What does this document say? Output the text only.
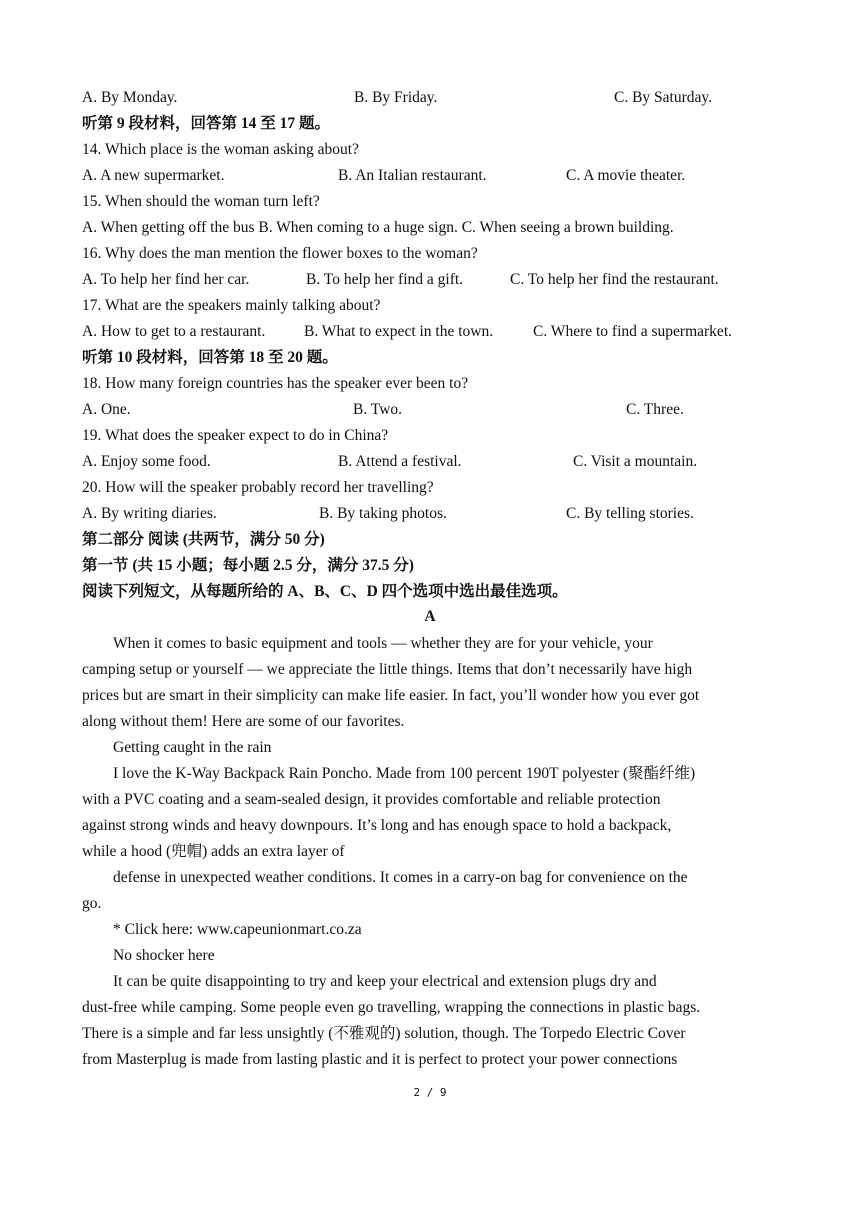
A. By Monday.	B. By Friday.	C. By Saturday.
听第 9 段材料，回答第 14 至 17 题。
14. Which place is the woman asking about?
A. A new supermarket.	B. An Italian restaurant.	C. A movie theater.
15. When should the woman turn left?
A. When getting off the bus B. When coming to a huge sign. C. When seeing a brown building.
16. Why does the man mention the flower boxes to the woman?
A. To help her find her car.	B. To help her find a gift.	C. To help her find the restaurant.
17. What are the speakers mainly talking about?
A. How to get to a restaurant. B. What to expect in the town.	C. Where to find a supermarket.
听第 10 段材料，回答第 18 至 20 题。
18. How many foreign countries has the speaker ever been to?
A. One.	B. Two.	C. Three.
19. What does the speaker expect to do in China?
A. Enjoy some food.	B. Attend a festival.	C. Visit a mountain.
20. How will the speaker probably record her travelling?
A. By writing diaries.	B. By taking photos.	C. By telling stories.
第二部分 阅读 (共两节，满分 50 分)
第一节 (共 15 小题；每小题 2.5 分，满分 37.5 分)
阅读下列短文，从每题所给的 A、B、C、D 四个选项中选出最佳选项。
A
When it comes to basic equipment and tools — whether they are for your vehicle, your
camping setup or yourself — we appreciate the little things. Items that don’t necessarily have high
prices but are smart in their simplicity can make life easier. In fact, you’ll wonder how you ever got
along without them! Here are some of our favorites.
Getting caught in the rain
I love the K-Way Backpack Rain Poncho. Made from 100 percent 190T polyester (聚酯纤维)
with a PVC coating and a seam-sealed design, it provides comfortable and reliable protection
against strong winds and heavy downpours. It’s long and has enough space to hold a backpack,
while a hood (兜帽) adds an extra layer of
defense in unexpected weather conditions. It comes in a carry-on bag for convenience on the
go.
* Click here: www.capeunionmart.co.za
No shocker here
It can be quite disappointing to try and keep your electrical and extension plugs dry and
dust-free while camping. Some people even go travelling, wrapping the connections in plastic bags.
There is a simple and far less unsightly (不雅观的) solution, though. The Torpedo Electric Cover
from Masterplug is made from lasting plastic and it is perfect to protect your power connections
2 / 9
